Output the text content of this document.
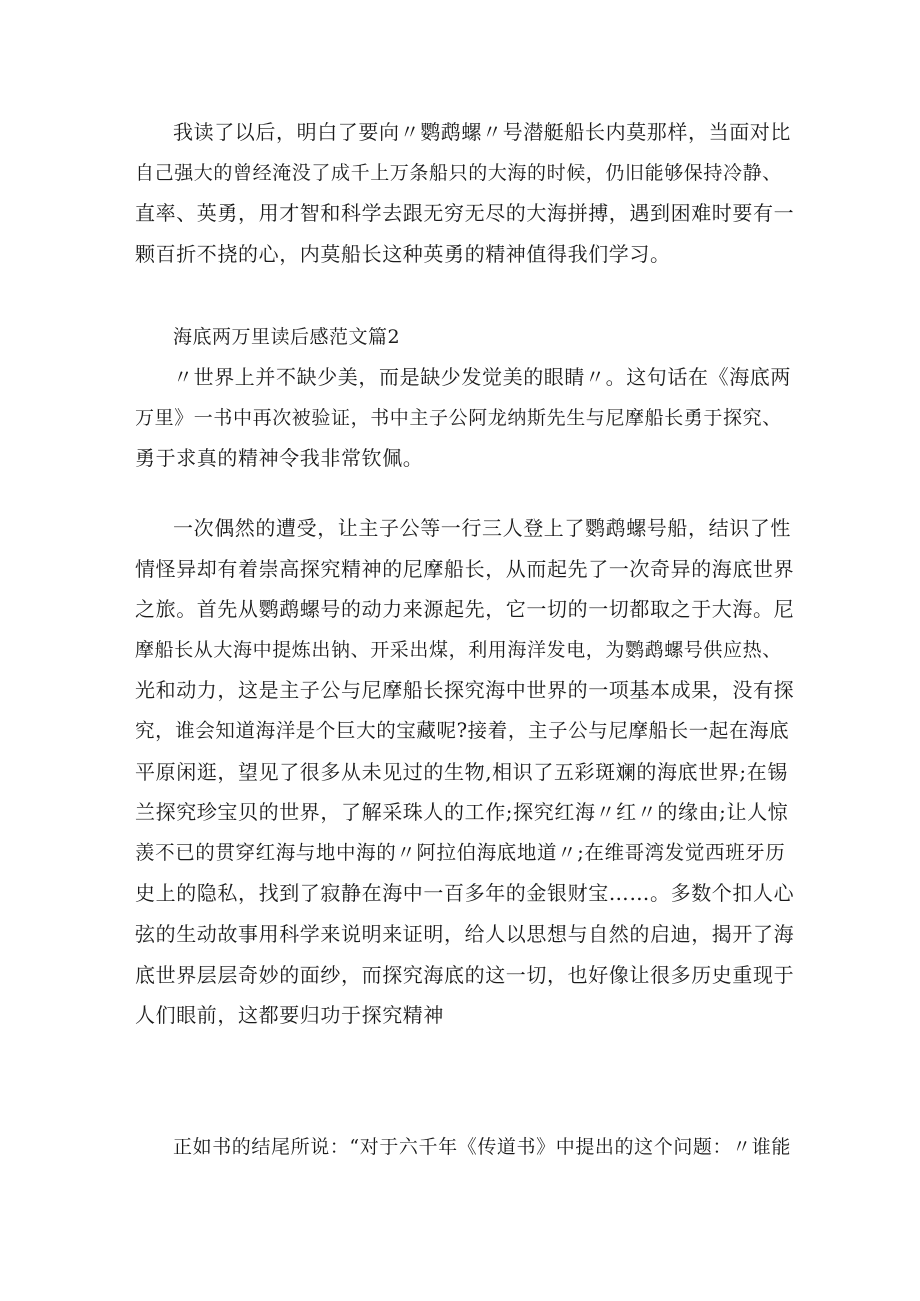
我读了以后，明白了要向〃鹦鹉螺〃号潜艇船长内莫那样，当面对比
自己强大的曾经淹没了成千上万条船只的大海的时候，仍旧能够保持冷静、
直率、英勇，用才智和科学去跟无穷无尽的大海拼搏，遇到困难时要有一
颗百折不挠的心，内莫船长这种英勇的精神值得我们学习。
海底两万里读后感范文篇2
〃世界上并不缺少美，而是缺少发觉美的眼睛〃。这句话在《海底两
万里》一书中再次被验证，书中主子公阿龙纳斯先生与尼摩船长勇于探究、
勇于求真的精神令我非常钦佩。
一次偶然的遭受，让主子公等一行三人登上了鹦鹉螺号船，结识了性
情怪异却有着崇高探究精神的尼摩船长，从而起先了一次奇异的海底世界
之旅。首先从鹦鹉螺号的动力来源起先，它一切的一切都取之于大海。尼
摩船长从大海中提炼出钠、开采出煤，利用海洋发电，为鹦鹉螺号供应热、
光和动力，这是主子公与尼摩船长探究海中世界的一项基本成果，没有探
究，谁会知道海洋是个巨大的宝藏呢?接着，主子公与尼摩船长一起在海底
平原闲逛，望见了很多从未见过的生物,相识了五彩斑斓的海底世界;在锡
兰探究珍宝贝的世界，了解采珠人的工作;探究红海〃红〃的缘由;让人惊
羡不已的贯穿红海与地中海的〃阿拉伯海底地道〃;在维哥湾发觉西班牙历
史上的隐私，找到了寂静在海中一百多年的金银财宝……。多数个扣人心
弦的生动故事用科学来说明来证明，给人以思想与自然的启迪，揭开了海
底世界层层奇妙的面纱，而探究海底的这一切，也好像让很多历史重现于
人们眼前，这都要归功于探究精神
正如书的结尾所说：“对于六千年《传道书》中提出的这个问题：〃谁能
